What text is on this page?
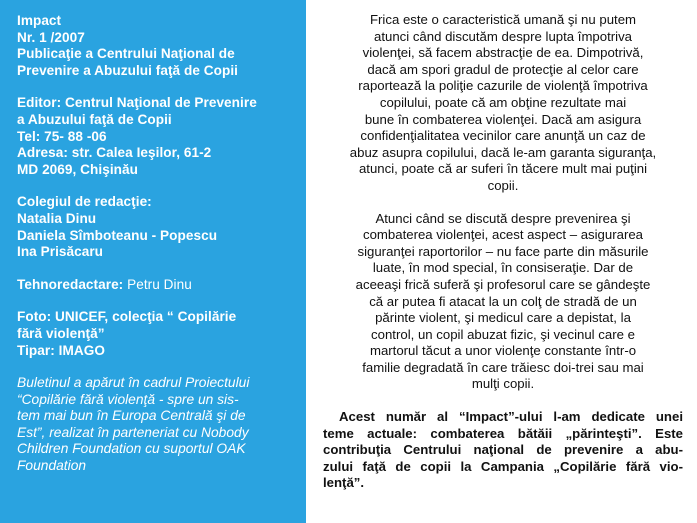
Impact
Nr. 1 /2007
Publicaţie a Centrului Naţional de
Prevenire a Abuzului faţă de Copii
Editor: Centrul Naţional de Prevenire
a Abuzului faţă de Copii
Tel: 75- 88 -06
Adresa: str. Calea Ieşilor, 61-2
MD 2069, Chişinău
Colegiul de redacţie:
Natalia Dinu
Daniela Sîmboteanu - Popescu
Ina Prisăcaru
Tehnoredactare: Petru Dinu
Foto: UNICEF, colecţia “ Copilărie
fără violenţă”
Tipar: IMAGO
Buletinul a apărut în cadrul Proiectului
“Copilărie fără violenţă - spre un sis-
tem mai bun în Europa Centrală şi de
Est”, realizat în parteneriat cu Nobody
Children Foundation cu suportul OAK
Foundation
Frica este o caracteristică umană şi nu putem
atunci când discutăm despre lupta împotriva
violenţei, să facem abstracţie de ea. Dimpotrivă,
dacă am spori gradul de protecţie al celor care
raportează la poliţie cazurile de violenţă împotriva
copilului, poate că am obţine rezultate mai
bune în combaterea violenţei. Dacă am asigura
confidenţialitatea vecinilor care anunţă un caz de
abuz asupra copilului, dacă le-am garanta siguranţa,
atunci, poate că ar suferi în tăcere mult mai puţini
copii.
Atunci când se discută despre prevenirea şi
combaterea violenţei, acest aspect – asigurarea
siguranţei raportorilor – nu face parte din măsurile
luate, în mod special, în consiseraţie. Dar de
aceeaşi frică suferă şi profesorul care se gândeşte
că ar putea fi atacat la un colţ de stradă de un
părinte violent, şi medicul care a depistat, la
control, un copil abuzat fizic, şi vecinul care e
martorul tăcut a unor violenţe constante într-o
familie degradată în care trăiesc doi-trei sau mai
mulţi copii.
Acest număr al “Impact”-ului l-am dedicate unei
teme actuale: combaterea bătăii „părinteşti”. Este
contribuţia Centrului naţional de prevenire a abu-
zului faţă de copii la Campania „Copilărie fără vio-
lenţă”.
